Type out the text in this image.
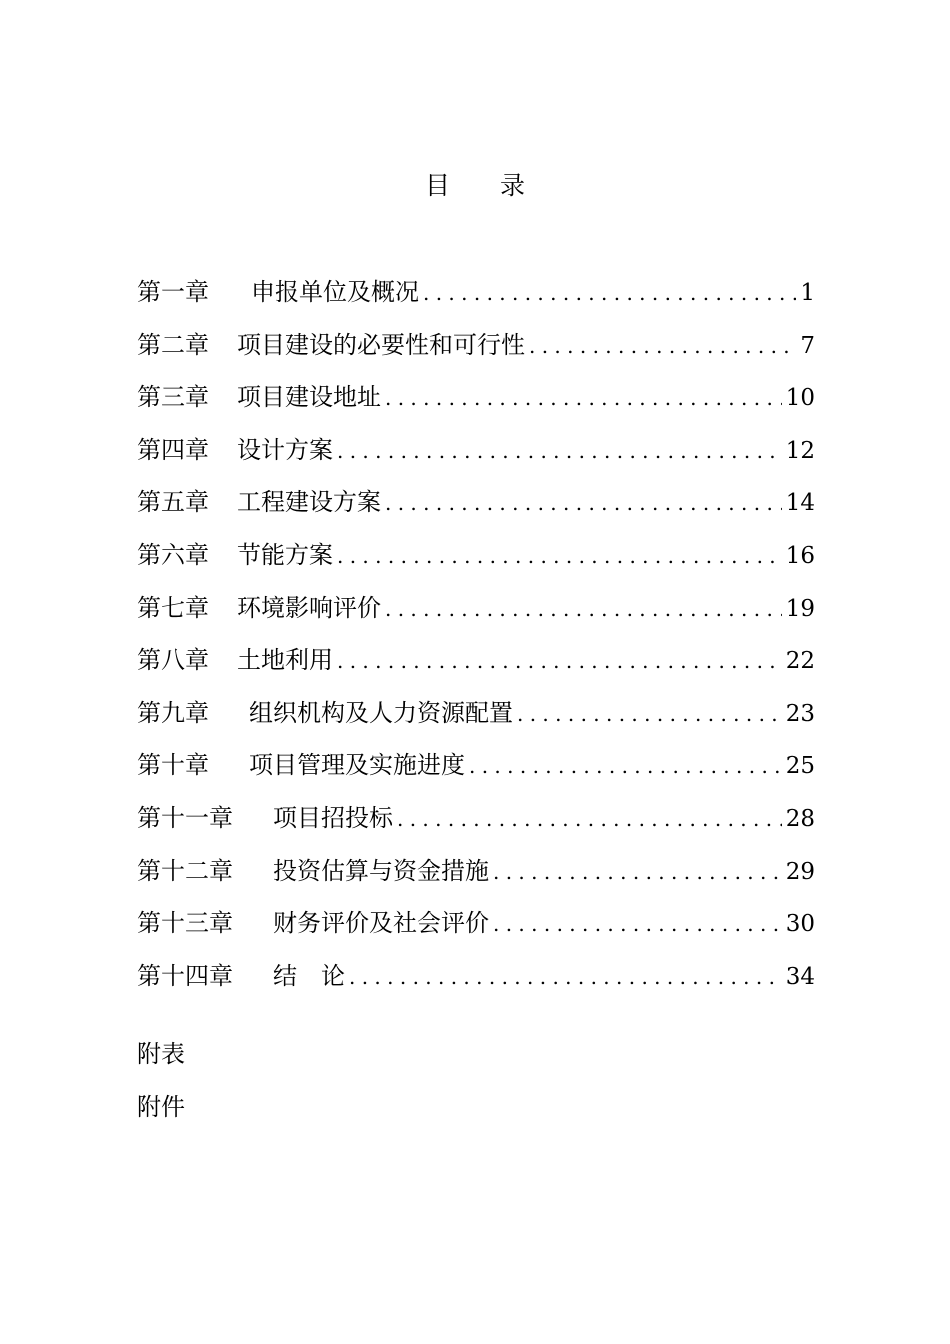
目　　录
第一章 申报单位及概况 . . .	1
第二章 项目建设的必要性和可行性 . . .	7
第三章 项目建设地址 . . .	10
第四章 设计方案 . . .	12
第五章 工程建设方案 . . .	14
第六章 节能方案 . . .	16
第七章 环境影响评价 . . .	19
第八章 土地利用 . . .	22
第九章 组织机构及人力资源配置 . . .	23
第十章 项目管理及实施进度 . . .	25
第十一章 项目招投标 . . .	28
第十二章 投资估算与资金措施 . . .	29
第十三章 财务评价及社会评价 . . .	30
第十四章 结　论 . . .	34
附表
附件
